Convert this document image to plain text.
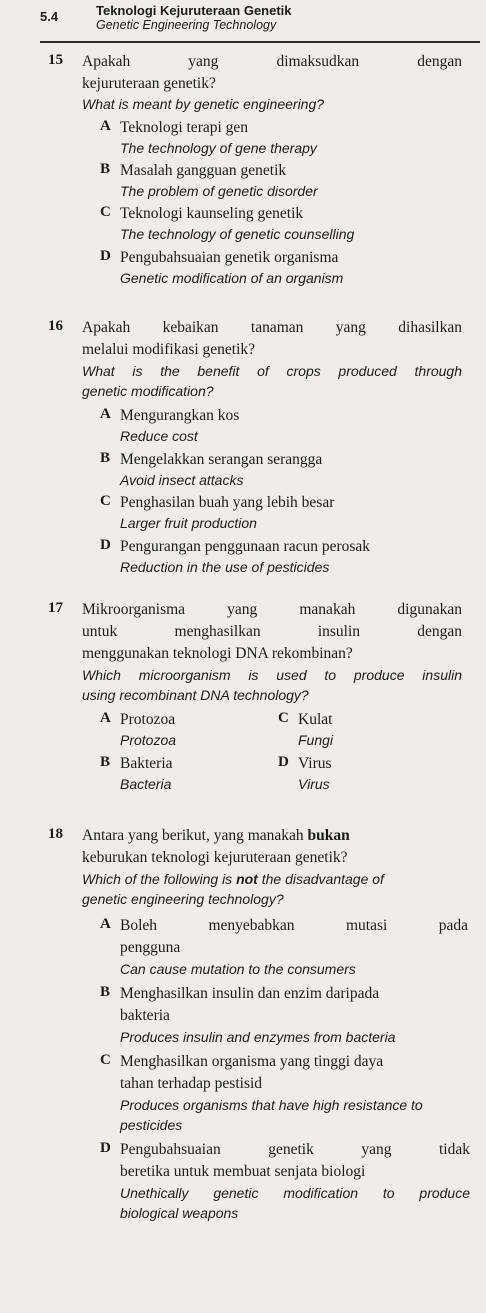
5.4	Teknologi Kejuruteraan Genetik
Genetic Engineering Technology
15 Apakah yang dimaksudkan dengan
kejuruteraan genetik?
What is meant by genetic engineering?
A Teknologi terapi gen
The technology of gene therapy
B Masalah gangguan genetik
The problem of genetic disorder
C Teknologi kaunseling genetik
The technology of genetic counselling
D Pengubahsuaian genetik organisma
Genetic modification of an organism
16 Apakah kebaikan tanaman yang dihasilkan
melalui modifikasi genetik?
What is the benefit of crops produced through
genetic modification?
A Mengurangkan kos
Reduce cost
B Mengelakkan serangan serangga
Avoid insect attacks
C Penghasilan buah yang lebih besar
Larger fruit production
D Pengurangan penggunaan racun perosak
Reduction in the use of pesticides
17 Mikroorganisma yang manakah digunakan
untuk menghasilkan insulin dengan
menggunakan teknologi DNA rekombinan?
Which microorganism is used to produce insulin
using recombinant DNA technology?
A Protozoa
Protozoa
B Bakteria
Bacteria
C Kulat
Fungi
D Virus
Virus
18 Antara yang berikut, yang manakah bukan
keburukan teknologi kejuruteraan genetik?
Which of the following is not the disadvantage of
genetic engineering technology?
A Boleh menyebabkan mutasi pada
pengguna
Can cause mutation to the consumers
B Menghasilkan insulin dan enzim daripada
bakteria
Produces insulin and enzymes from bacteria
C Menghasilkan organisma yang tinggi daya
tahan terhadap pestisid
Produces organisms that have high resistance to
pesticides
D Pengubahsuaian genetik yang tidak
beretika untuk membuat senjata biologi
Unethically genetic modification to produce
biological weapons
